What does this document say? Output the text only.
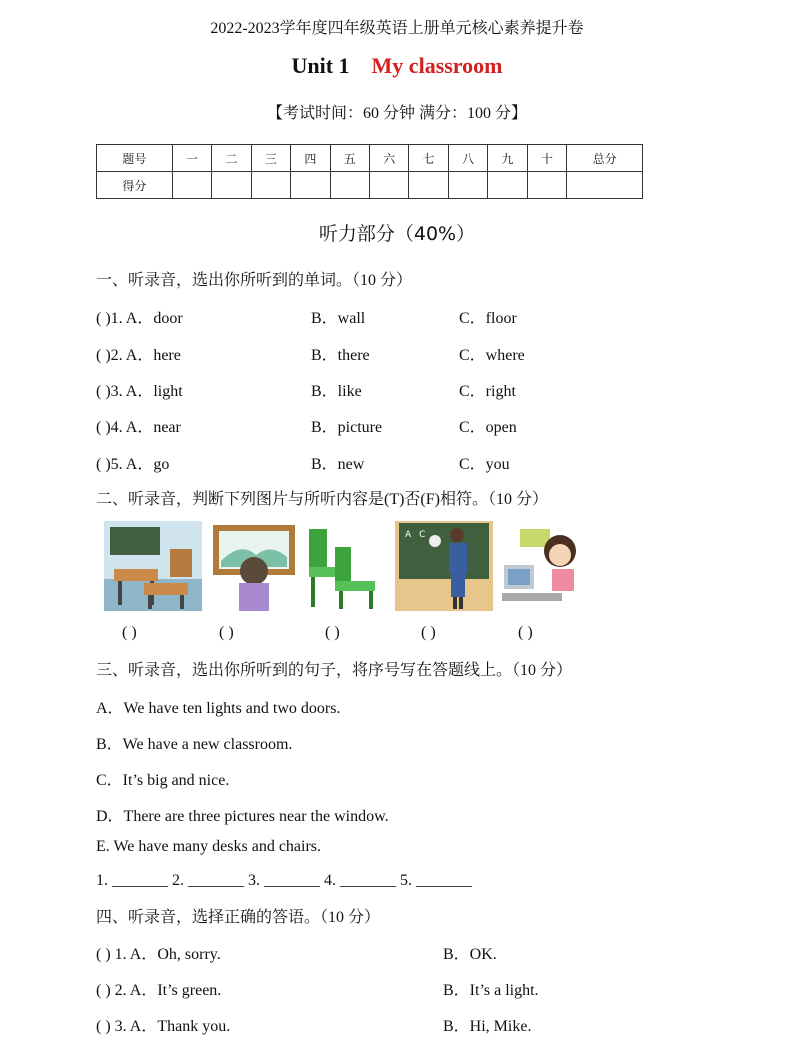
2022-2023学年度四年级英语上册单元核心素养提升卷
Unit 1 My classroom
【考试时间：60 分钟 满分：100 分】
题号	一	二	三	四	五	六	七	八	九	十	总分
得分											
听力部分（40%）
一、听录音，选出你所听到的单词。（10 分）
( )1. A．door	B．wall	C．floor
( )2. A．here	B．there	C．where
( )3. A．light	B．like	C．right
( )4. A．near	B．picture	C．open
( )5. A．go	B．new	C．you
二、听录音，判断下列图片与所听内容是(T)否(F)相符。（10 分）
A C
( )	( )	( )	( )	( )
三、听录音，选出你所听到的句子，将序号写在答题线上。（10 分）
A．We have ten lights and two doors.
B．We have a new classroom.
C．It’s big and nice.
D．There are three pictures near the window.
E. We have many desks and chairs.
1. _______ 2. _______ 3. _______ 4. _______ 5. _______
四、听录音，选择正确的答语。（10 分）
( ) 1. A．Oh, sorry.	B．OK.
( ) 2. A．It’s green.	B．It’s a light.
( ) 3. A．Thank you.	B．Hi, Mike.
